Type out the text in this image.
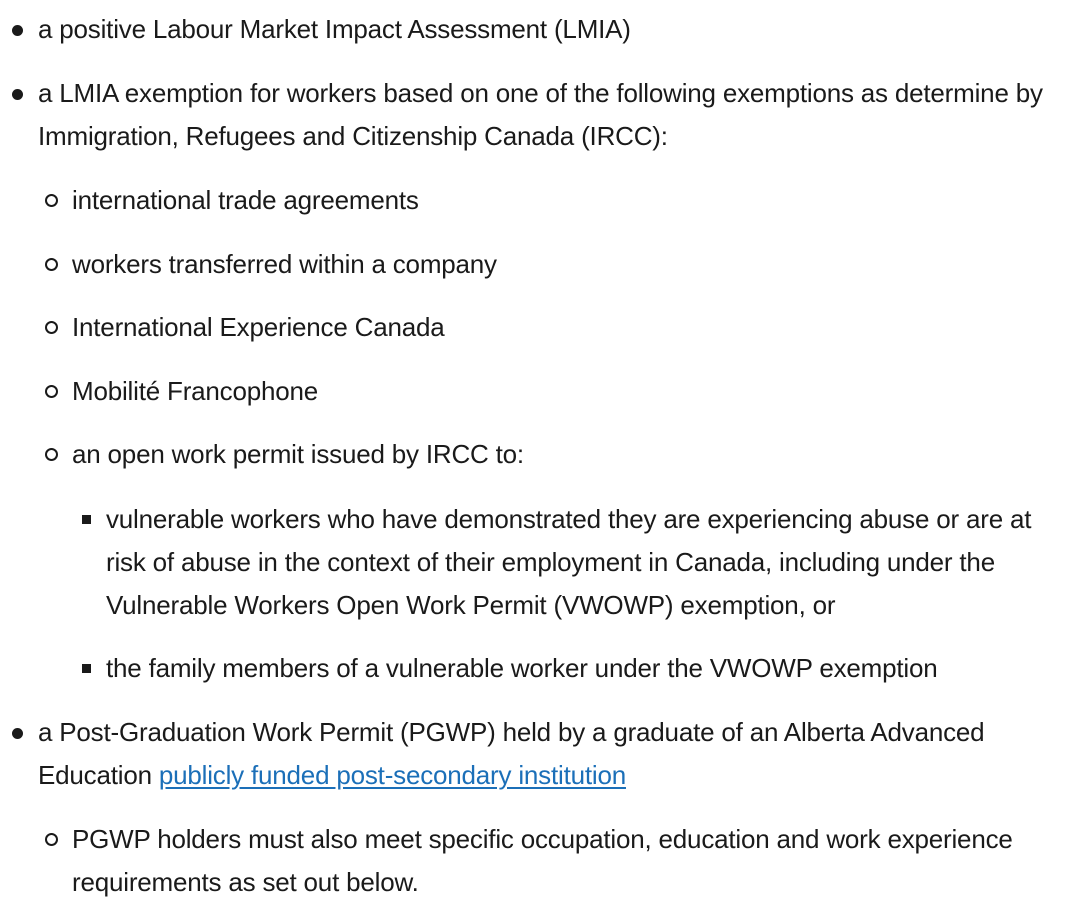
a positive Labour Market Impact Assessment (LMIA)
a LMIA exemption for workers based on one of the following exemptions as determine by
Immigration, Refugees and Citizenship Canada (IRCC):
international trade agreements
workers transferred within a company
International Experience Canada
Mobilité Francophone
an open work permit issued by IRCC to:
vulnerable workers who have demonstrated they are experiencing abuse or are at
risk of abuse in the context of their employment in Canada, including under the
Vulnerable Workers Open Work Permit (VWOWP) exemption, or
the family members of a vulnerable worker under the VWOWP exemption
a Post-Graduation Work Permit (PGWP) held by a graduate of an Alberta Advanced
Education publicly funded post-secondary institution
PGWP holders must also meet specific occupation, education and work experience
requirements as set out below.
